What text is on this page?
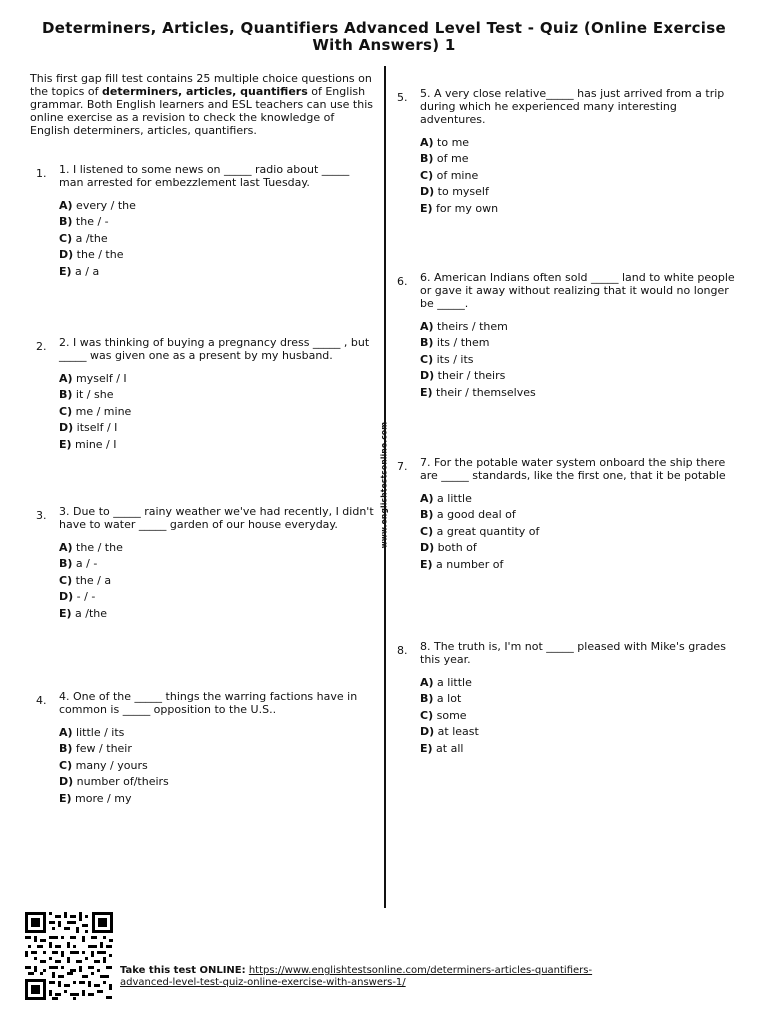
Determiners, Articles, Quantifiers Advanced Level Test - Quiz (Online Exercise With Answers) 1
This first gap fill test contains 25 multiple choice questions on the topics of determiners, articles, quantifiers of English grammar. Both English learners and ESL teachers can use this online exercise as a revision to check the knowledge of English determiners, articles, quantifiers.
www.englishtestsonline.com
1. 1. I listened to some news on _____ radio about _____ man arrested for embezzlement last Tuesday.
A) every / the
B) the / -
C) a /the
D) the / the
E) a / a
2. 2. I was thinking of buying a pregnancy dress _____ , but _____ was given one as a present by my husband.
A) myself / I
B) it / she
C) me / mine
D) itself / I
E) mine / I
3. 3. Due to _____ rainy weather we've had recently, I didn't have to water _____ garden of our house everyday.
A) the / the
B) a / -
C) the / a
D) - / -
E) a /the
4. 4. One of the _____ things the warring factions have in common is _____ opposition to the U.S..
A) little / its
B) few / their
C) many / yours
D) number of/theirs
E) more / my
5. 5. A very close relative_____ has just arrived from a trip during which he experienced many interesting adventures.
A) to me
B) of me
C) of mine
D) to myself
E) for my own
6. 6. American Indians often sold _____ land to white people or gave it away without realizing that it would no longer be _____.
A) theirs / them
B) its / them
C) its / its
D) their / theirs
E) their / themselves
7. 7. For the potable water system onboard the ship there are _____ standards, like the first one, that it be potable
A) a little
B) a good deal of
C) a great quantity of
D) both of
E) a number of
8. 8. The truth is, I'm not _____ pleased with Mike's grades this year.
A) a little
B) a lot
C) some
D) at least
E) at all
Take this test ONLINE: https://www.englishtestsonline.com/determiners-articles-quantifiers-advanced-level-test-quiz-online-exercise-with-answers-1/
